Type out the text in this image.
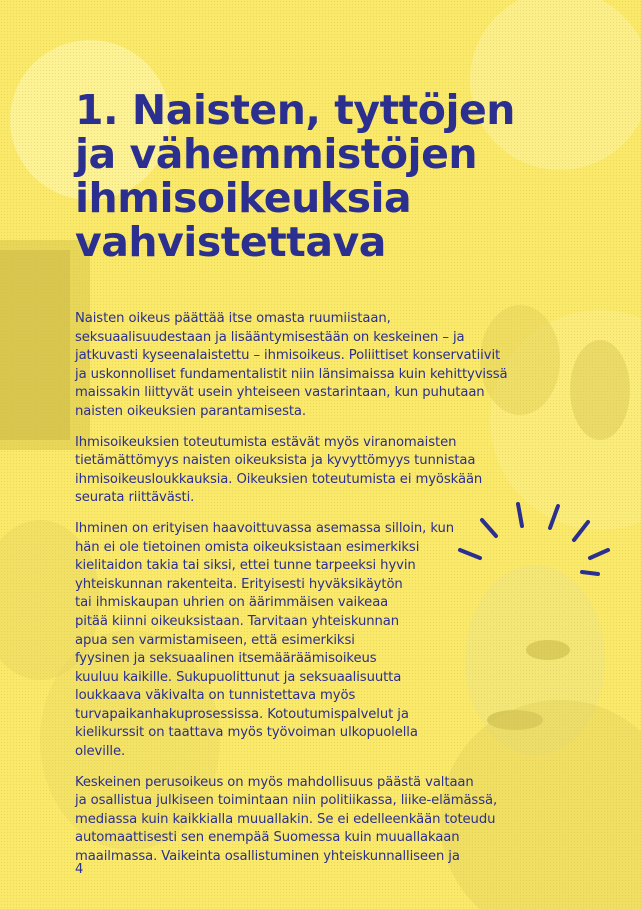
1. Naisten, tyttöjen
ja vähemmistöjen
ihmisoikeuksia
vahvistettava

Naisten oikeus päättää itse omasta ruumiistaan,
seksuaalisuudestaan ja lisääntymisestään on keskeinen – ja
jatkuvasti kyseenalaistettu – ihmisoikeus. Poliittiset konservatiivit
ja uskonnolliset fundamentalistit niin länsimaissa kuin kehittyvissä
maissakin liittyvät usein yhteiseen vastarintaan, kun puhutaan
naisten oikeuksien parantamisesta.

Ihmisoikeuksien toteutumista estävät myös viranomaisten
tietämättömyys naisten oikeuksista ja kyvyttömyys tunnistaa
ihmisoikeusloukkauksia. Oikeuksien toteutumista ei myöskään
seurata riittävästi.

Ihminen on erityisen haavoittuvassa asemassa silloin, kun
hän ei ole tietoinen omista oikeuksistaan esimerkiksi
kielitaidon takia tai siksi, ettei tunne tarpeeksi hyvin
yhteiskunnan rakenteita. Erityisesti hyväksikäytön
tai ihmiskaupan uhrien on äärimmäisen vaikeaa
pitää kiinni oikeuksistaan. Tarvitaan yhteiskunnan
apua sen varmistamiseen, että esimerkiksi
fyysinen ja seksuaalinen itsemääräämisoikeus
kuuluu kaikille. Sukupuolittunut ja seksuaalisuutta
loukkaava väkivalta on tunnistettava myös
turvapaikanhakuprosessissa. Kotoutumispalvelut ja
kielikurssit on taattava myös työvoiman ulkopuolella
oleville.

Keskeinen perusoikeus on myös mahdollisuus päästä valtaan
ja osallistua julkiseen toimintaan niin politiikassa, liike-elämässä,
mediassa kuin kaikkialla muuallakin. Se ei edelleenkään toteudu
automaattisesti sen enempää Suomessa kuin muuallakaan
maailmassa. Vaikeinta osallistuminen yhteiskunnalliseen ja

4
